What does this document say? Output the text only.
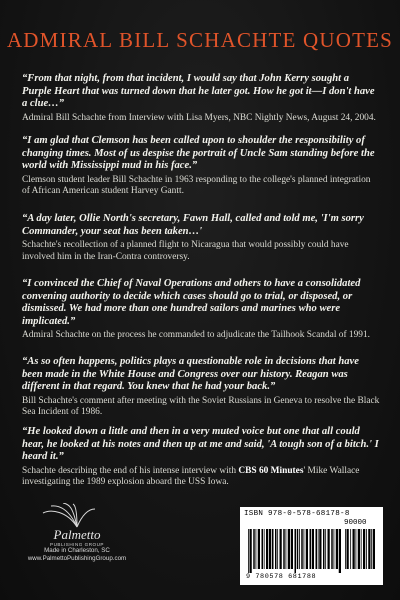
ADMIRAL BILL SCHACHTE QUOTES

“From that night, from that incident, I would say that John Kerry sought a Purple Heart that was turned down that he later got. How he got it—I don't have a clue…”

Admiral Bill Schachte from Interview with Lisa Myers, NBC Nightly News, August 24, 2004.

“I am glad that Clemson has been called upon to shoulder the responsibility of changing times. Most of us despise the portrait of Uncle Sam standing before the world with Mississippi mud in his face.”

Clemson student leader Bill Schachte in 1963 responding to the college's planned integration of African American student Harvey Gantt.

“A day later, Ollie North's secretary, Fawn Hall, called and told me, 'I'm sorry Commander, your seat has been taken…'

Schachte's recollection of a planned flight to Nicaragua that would possibly could have involved him in the Iran-Contra controversy.

“I convinced the Chief of Naval Operations and others to have a consolidated convening authority to decide which cases should go to trial, or disposed, or dismissed. We had more than one hundred sailors and marines who were implicated.”

Admiral Schachte on the process he commanded to adjudicate the Tailhook Scandal of 1991.

“As so often happens, politics plays a questionable role in decisions that have been made in the White House and Congress over our history. Reagan was different in that regard. You knew that he had your back.”

Bill Schachte's comment after meeting with the Soviet Russians in Geneva to resolve the Black Sea Incident of 1986.

“He looked down a little and then in a very muted voice but one that all could hear, he looked at his notes and then up at me and said, 'A tough son of a bitch.' I heard it.”

Schachte describing the end of his intense interview with CBS 60 Minutes' Mike Wallace investigating the 1989 explosion aboard the USS Iowa.

Palmetto
PUBLISHING GROUP

Made in Charleston, SC

www.PalmettoPublishingGroup.com

ISBN 978-0-578-68178-8
90000
9 780578 681788
